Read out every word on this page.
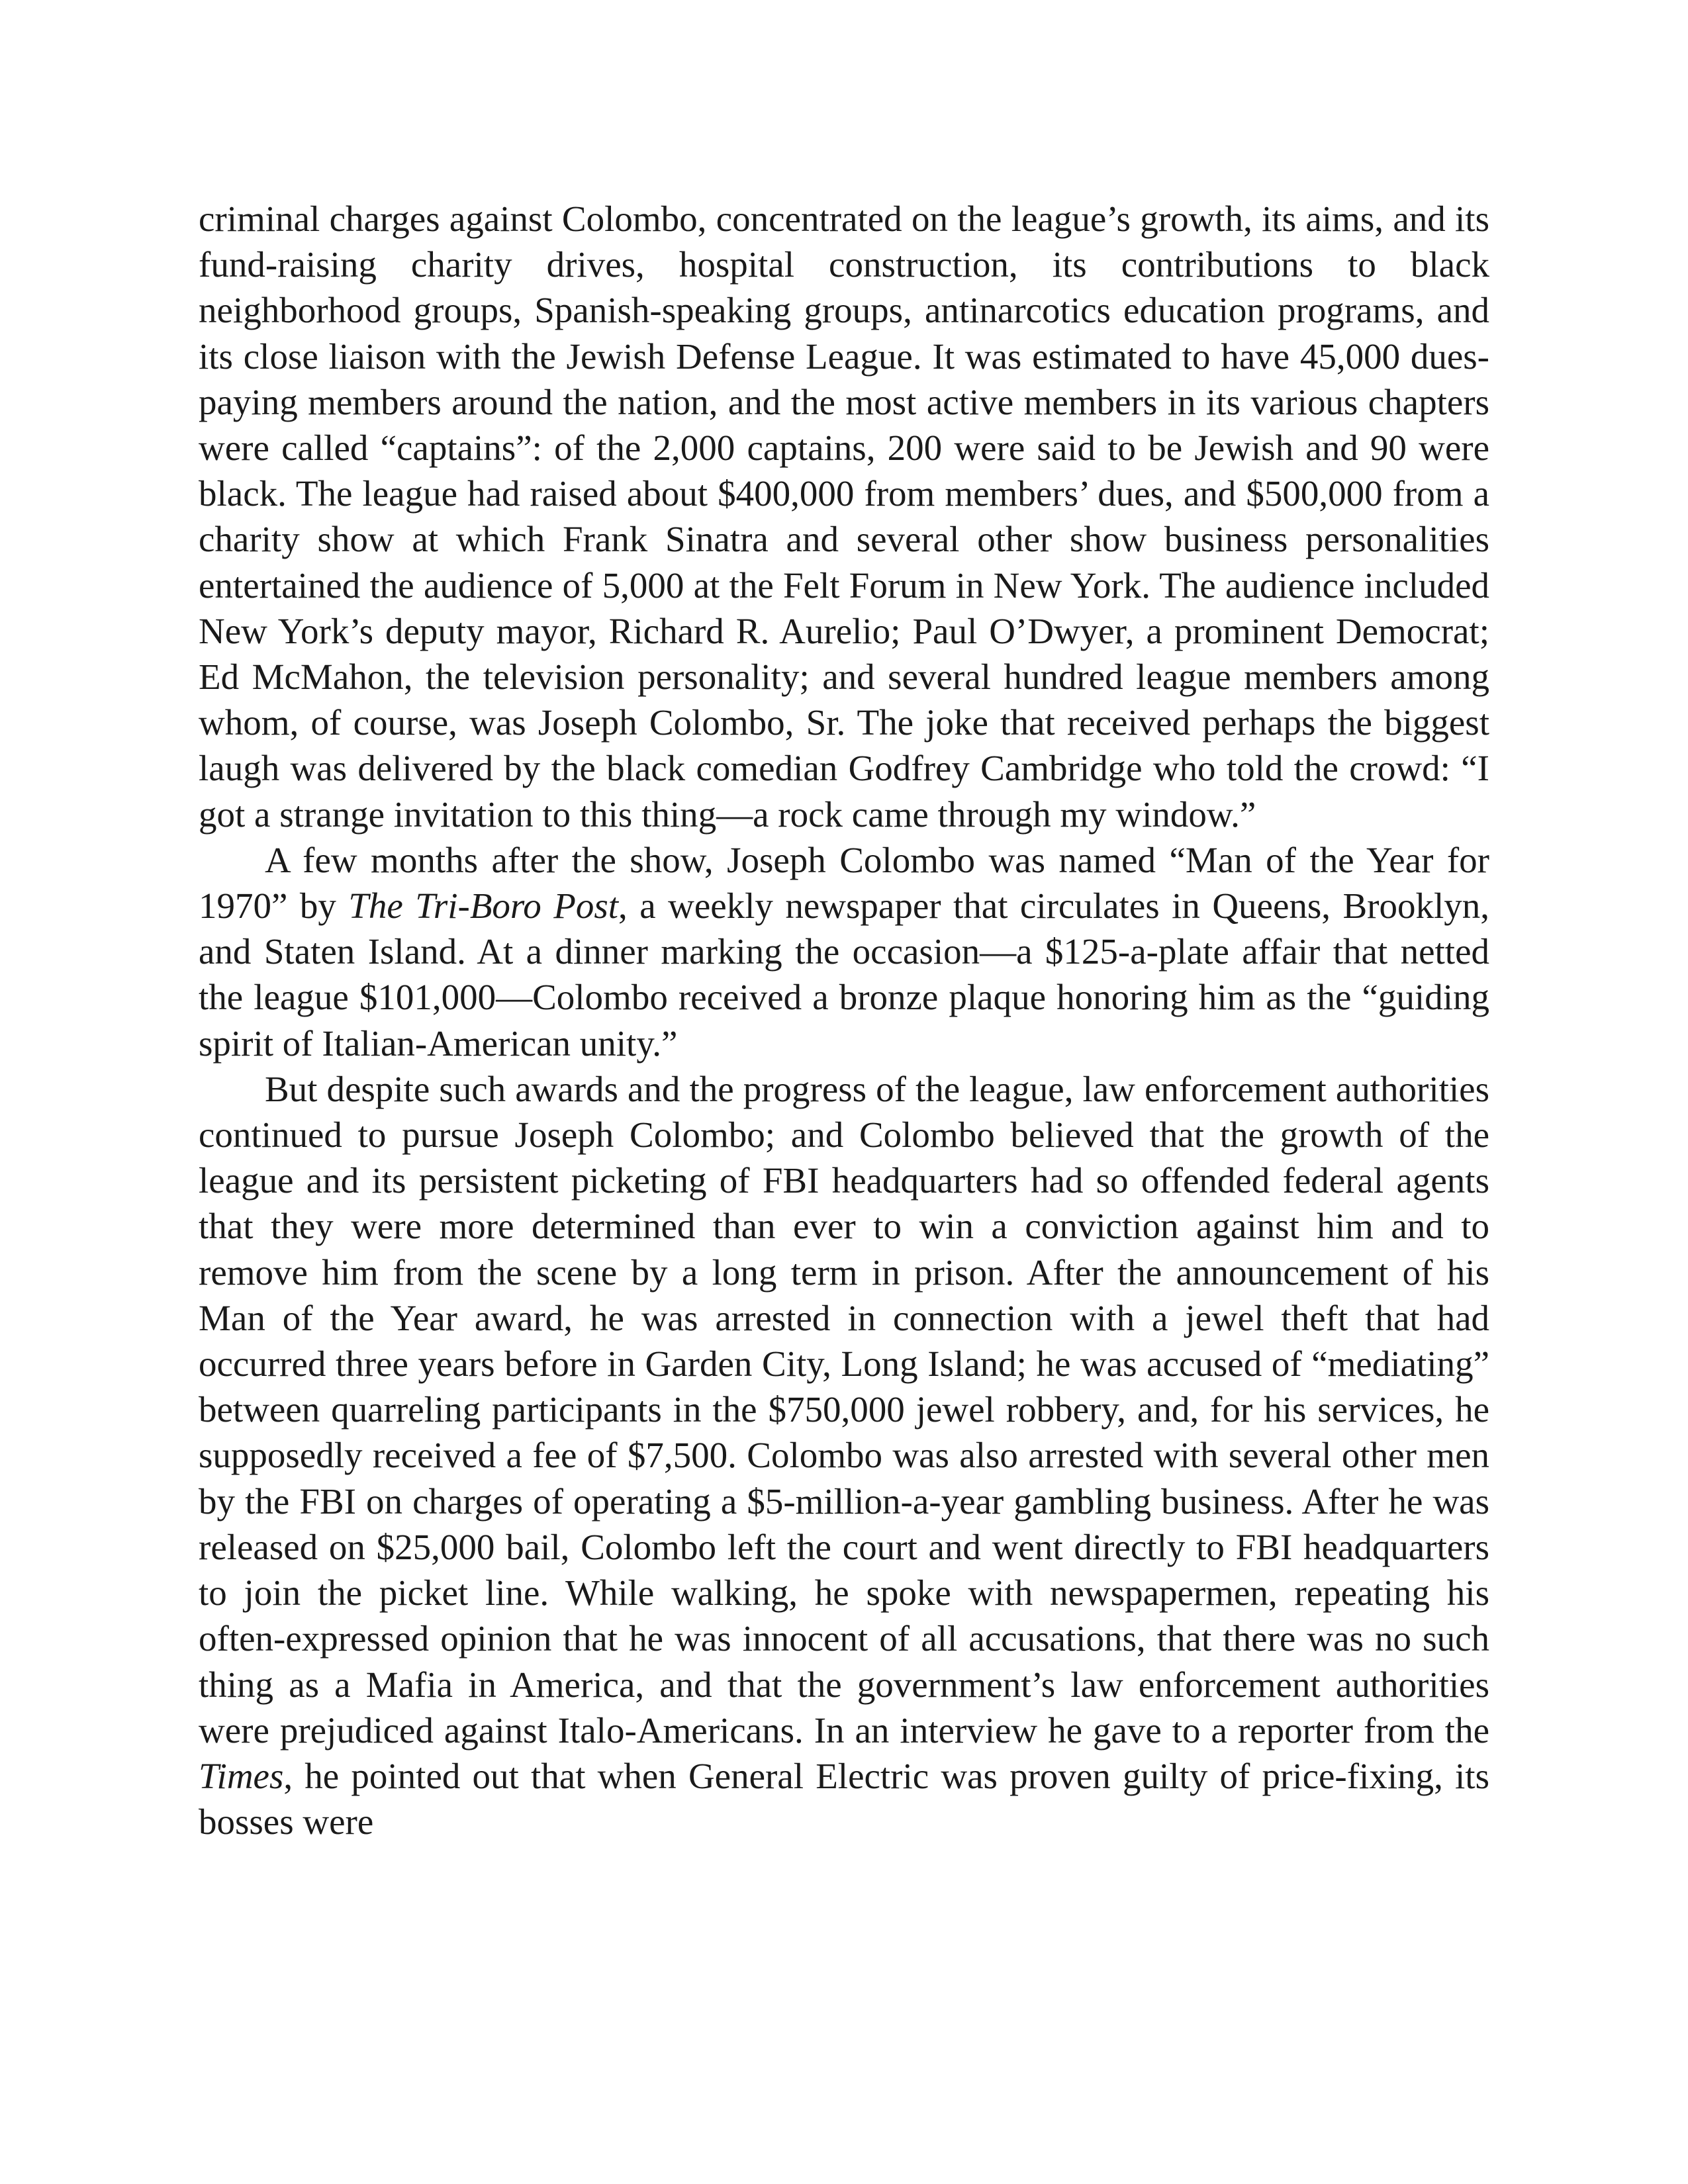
criminal charges against Colombo, concentrated on the league’s growth, its aims, and its fund-raising charity drives, hospital construction, its contributions to black neighborhood groups, Spanish-speaking groups, antinarcotics education programs, and its close liaison with the Jewish Defense League. It was estimated to have 45,000 dues-paying members around the nation, and the most active members in its various chapters were called “captains”: of the 2,000 captains, 200 were said to be Jewish and 90 were black. The league had raised about $400,000 from members’ dues, and $500,000 from a charity show at which Frank Sinatra and several other show business personalities entertained the audience of 5,000 at the Felt Forum in New York. The audience included New York’s deputy mayor, Richard R. Aurelio; Paul O’Dwyer, a prominent Democrat; Ed McMahon, the television personality; and several hundred league members among whom, of course, was Joseph Colombo, Sr. The joke that received perhaps the biggest laugh was delivered by the black comedian Godfrey Cambridge who told the crowd: “I got a strange invitation to this thing—a rock came through my window.”

A few months after the show, Joseph Colombo was named “Man of the Year for 1970” by The Tri-Boro Post, a weekly newspaper that circulates in Queens, Brooklyn, and Staten Island. At a dinner marking the occasion—a $125-a-plate affair that netted the league $101,000—Colombo received a bronze plaque honoring him as the “guiding spirit of Italian-American unity.”

But despite such awards and the progress of the league, law enforcement authorities continued to pursue Joseph Colombo; and Colombo believed that the growth of the league and its persistent picketing of FBI headquarters had so offended federal agents that they were more determined than ever to win a conviction against him and to remove him from the scene by a long term in prison. After the announcement of his Man of the Year award, he was arrested in connection with a jewel theft that had occurred three years before in Garden City, Long Island; he was accused of “mediating” between quarreling participants in the $750,000 jewel robbery, and, for his services, he supposedly received a fee of $7,500. Colombo was also arrested with several other men by the FBI on charges of operating a $5-million-a-year gambling business. After he was released on $25,000 bail, Colombo left the court and went directly to FBI headquarters to join the picket line. While walking, he spoke with newspapermen, repeating his often-expressed opinion that he was innocent of all accusations, that there was no such thing as a Mafia in America, and that the government’s law enforcement authorities were prejudiced against Italo-Americans. In an interview he gave to a reporter from the Times, he pointed out that when General Electric was proven guilty of price-fixing, its bosses were
